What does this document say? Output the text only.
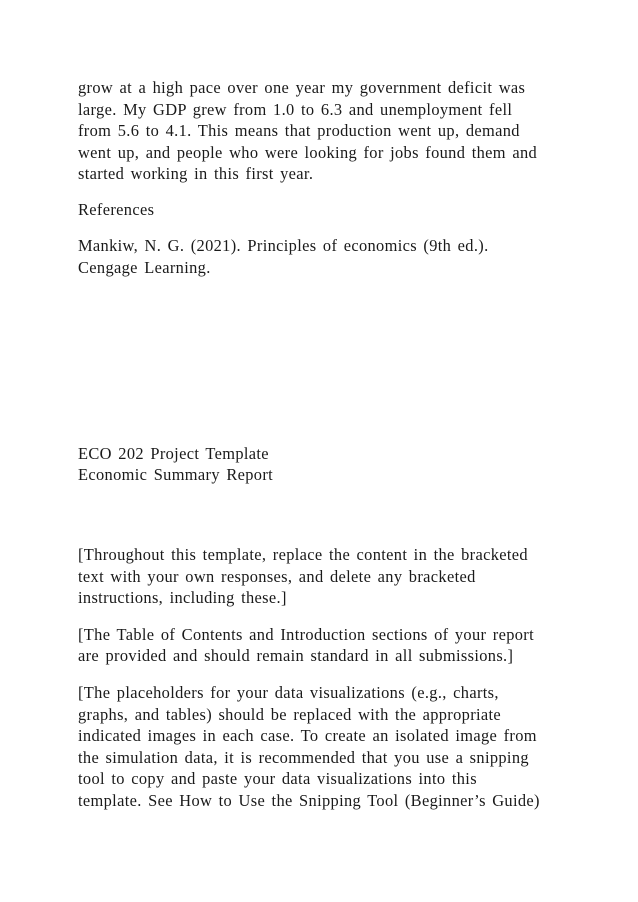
grow at a high pace over one year my government deficit was
large. My GDP grew from 1.0 to 6.3 and unemployment fell
from 5.6 to 4.1. This means that production went up, demand
went up, and people who were looking for jobs found them and
started working in this first year.
References
Mankiw, N. G. (2021). Principles of economics (9th ed.).
Cengage Learning.
ECO 202 Project Template
Economic Summary Report
[Throughout this template, replace the content in the bracketed
text with your own responses, and delete any bracketed
instructions, including these.]
[The Table of Contents and Introduction sections of your report
are provided and should remain standard in all submissions.]
[The placeholders for your data visualizations (e.g., charts,
graphs, and tables) should be replaced with the appropriate
indicated images in each case. To create an isolated image from
the simulation data, it is recommended that you use a snipping
tool to copy and paste your data visualizations into this
template. See How to Use the Snipping Tool (Beginner’s Guide)
